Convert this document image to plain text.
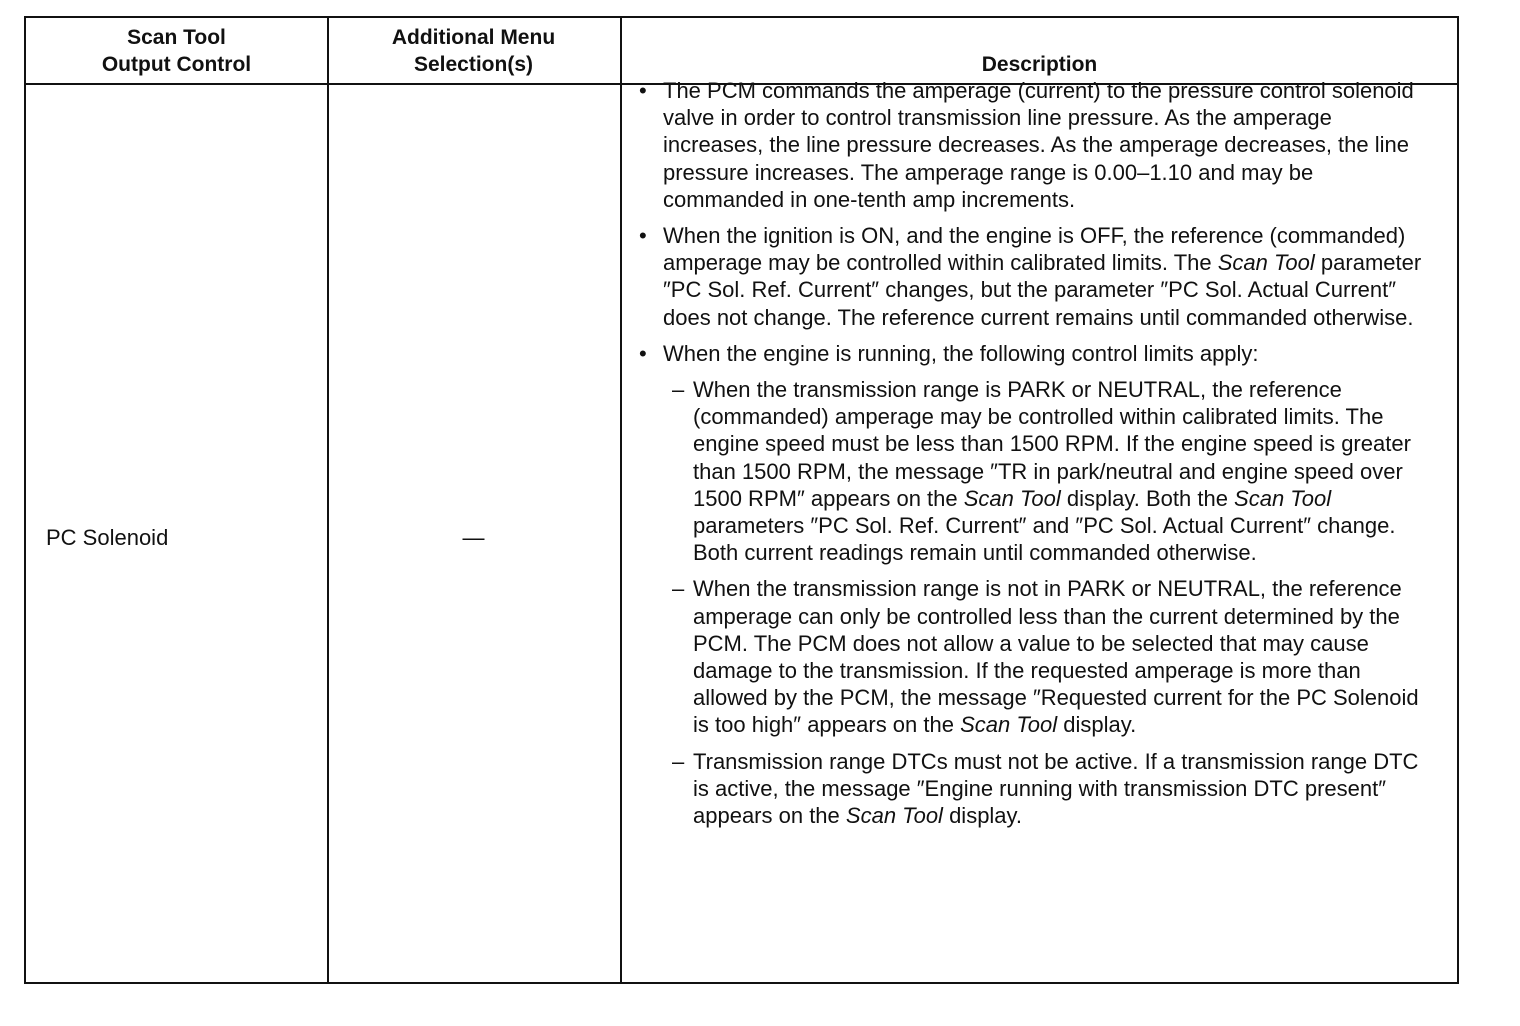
Scan Tool
Output Control
Additional Menu
Selection(s)	Description
PC Solenoid	—
• The PCM commands the amperage (current) to the pressure control solenoid valve in order to control transmission line pressure. As the amperage increases, the line pressure decreases. As the amperage decreases, the line pressure increases. The amperage range is 0.00–1.10 and may be commanded in one-tenth amp increments.
• When the ignition is ON, and the engine is OFF, the reference (commanded) amperage may be controlled within calibrated limits. The Scan Tool parameter ″PC Sol. Ref. Current″ changes, but the parameter ″PC Sol. Actual Current″ does not change. The reference current remains until commanded otherwise.
• When the engine is running, the following control limits apply:
– When the transmission range is PARK or NEUTRAL, the reference (commanded) amperage may be controlled within calibrated limits. The engine speed must be less than 1500 RPM. If the engine speed is greater than 1500 RPM, the message ″TR in park/neutral and engine speed over 1500 RPM″ appears on the Scan Tool display. Both the Scan Tool parameters ″PC Sol. Ref. Current″ and ″PC Sol. Actual Current″ change. Both current readings remain until commanded otherwise.
– When the transmission range is not in PARK or NEUTRAL, the reference amperage can only be controlled less than the current determined by the PCM. The PCM does not allow a value to be selected that may cause damage to the transmission. If the requested amperage is more than allowed by the PCM, the message ″Requested current for the PC Solenoid is too high″ appears on the Scan Tool display.
– Transmission range DTCs must not be active. If a transmission range DTC is active, the message ″Engine running with transmission DTC present″ appears on the Scan Tool display.
